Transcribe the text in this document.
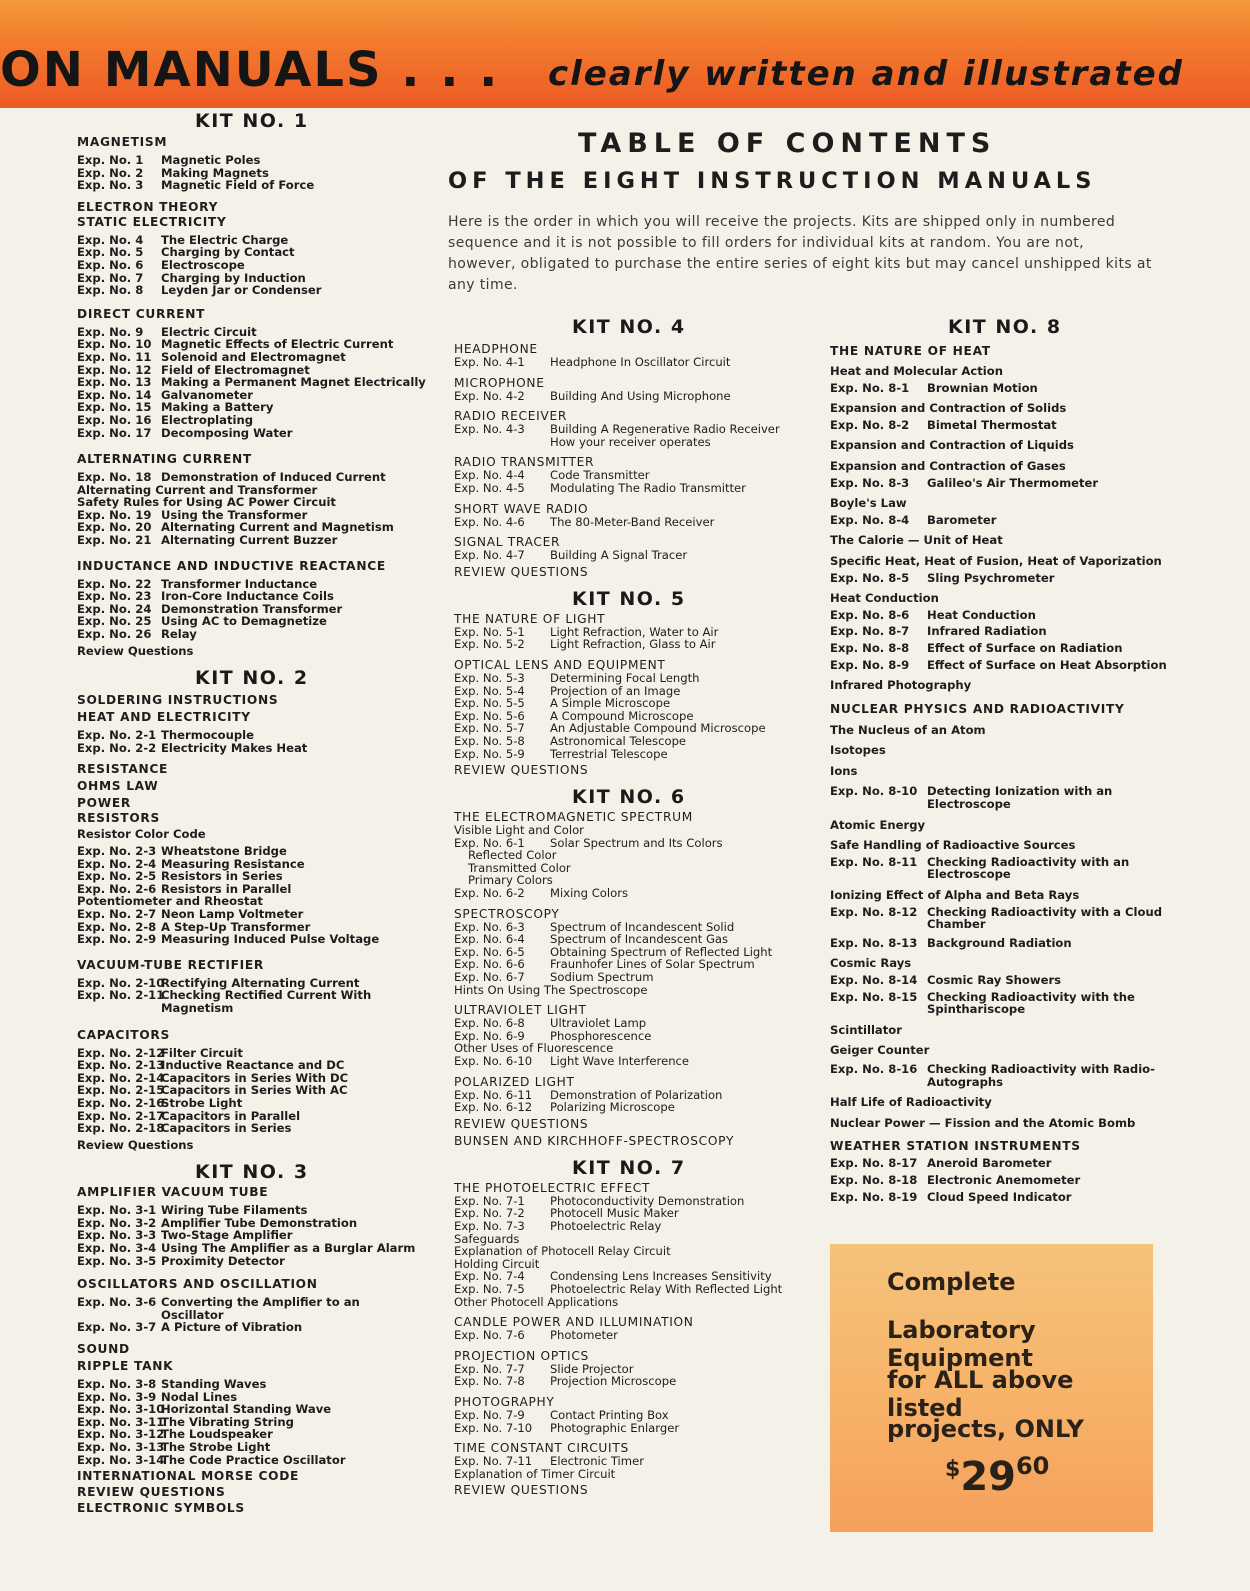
ON MANUALS . . . clearly written and illustrated

KIT NO. 1

MAGNETISM

Exp. No. 1 Magnetic Poles

Exp. No. 2 Making Magnets

Exp. No. 3 Magnetic Field of Force

ELECTRON THEORY

STATIC ELECTRICITY

Exp. No. 4 The Electric Charge

Exp. No. 5 Charging by Contact

Exp. No. 6 Electroscope

Exp. No. 7 Charging by Induction

Exp. No. 8 Leyden Jar or Condenser

DIRECT CURRENT

Exp. No. 9 Electric Circuit

Exp. No. 10 Magnetic Effects of Electric Current

Exp. No. 11 Solenoid and Electromagnet

Exp. No. 12 Field of Electromagnet

Exp. No. 13 Making a Permanent Magnet Electrically

Exp. No. 14 Galvanometer

Exp. No. 15 Making a Battery

Exp. No. 16 Electroplating

Exp. No. 17 Decomposing Water

ALTERNATING CURRENT

Exp. No. 18 Demonstration of Induced Current

Alternating Current and Transformer

Safety Rules for Using AC Power Circuit

Exp. No. 19 Using the Transformer

Exp. No. 20 Alternating Current and Magnetism

Exp. No. 21 Alternating Current Buzzer

INDUCTANCE AND INDUCTIVE REACTANCE

Exp. No. 22 Transformer Inductance

Exp. No. 23 Iron-Core Inductance Coils

Exp. No. 24 Demonstration Transformer

Exp. No. 25 Using AC to Demagnetize

Exp. No. 26 Relay

Review Questions

KIT NO. 2

SOLDERING INSTRUCTIONS

HEAT AND ELECTRICITY

Exp. No. 2-1 Thermocouple

Exp. No. 2-2 Electricity Makes Heat

RESISTANCE

OHMS LAW

POWER

RESISTORS

Resistor Color Code

Exp. No. 2-3 Wheatstone Bridge

Exp. No. 2-4 Measuring Resistance

Exp. No. 2-5 Resistors in Series

Exp. No. 2-6 Resistors in Parallel

Potentiometer and Rheostat

Exp. No. 2-7 Neon Lamp Voltmeter

Exp. No. 2-8 A Step-Up Transformer

Exp. No. 2-9 Measuring Induced Pulse Voltage

VACUUM-TUBE RECTIFIER

Exp. No. 2-10Rectifying Alternating Current

Exp. No. 2-11Checking Rectified Current With

Magnetism

CAPACITORS

Exp. No. 2-12Filter Circuit

Exp. No. 2-13Inductive Reactance and DC

Exp. No. 2-14Capacitors in Series With DC

Exp. No. 2-15Capacitors in Series With AC

Exp. No. 2-16Strobe Light

Exp. No. 2-17Capacitors in Parallel

Exp. No. 2-18Capacitors in Series

Review Questions

KIT NO. 3

AMPLIFIER VACUUM TUBE

Exp. No. 3-1 Wiring Tube Filaments

Exp. No. 3-2 Amplifier Tube Demonstration

Exp. No. 3-3 Two-Stage Amplifier

Exp. No. 3-4 Using The Amplifier as a Burglar Alarm

Exp. No. 3-5 Proximity Detector

OSCILLATORS AND OSCILLATION

Exp. No. 3-6 Converting the Amplifier to an

Oscillator

Exp. No. 3-7 A Picture of Vibration

SOUND

RIPPLE TANK

Exp. No. 3-8 Standing Waves

Exp. No. 3-9 Nodal Lines

Exp. No. 3-10Horizontal Standing Wave

Exp. No. 3-11The Vibrating String

Exp. No. 3-12The Loudspeaker

Exp. No. 3-13The Strobe Light

Exp. No. 3-14The Code Practice Oscillator

INTERNATIONAL MORSE CODE

REVIEW QUESTIONS

ELECTRONIC SYMBOLS

TABLE OF CONTENTS
OF THE EIGHT INSTRUCTION MANUALS

Here is the order in which you will receive the projects. Kits are shipped only in numbered sequence and it is not possible to fill orders for individual kits at random. You are not, however, obligated to purchase the entire series of eight kits but may cancel unshipped kits at any time.

KIT NO. 4

HEADPHONE

Exp. No. 4-1 Headphone In Oscillator Circuit

MICROPHONE

Exp. No. 4-2 Building And Using Microphone

RADIO RECEIVER

Exp. No. 4-3 Building A Regenerative Radio Receiver

How your receiver operates

RADIO TRANSMITTER

Exp. No. 4-4 Code Transmitter

Exp. No. 4-5 Modulating The Radio Transmitter

SHORT WAVE RADIO

Exp. No. 4-6 The 80-Meter-Band Receiver

SIGNAL TRACER

Exp. No. 4-7 Building A Signal Tracer

REVIEW QUESTIONS

KIT NO. 5

THE NATURE OF LIGHT

Exp. No. 5-1 Light Refraction, Water to Air

Exp. No. 5-2 Light Refraction, Glass to Air

OPTICAL LENS AND EQUIPMENT

Exp. No. 5-3 Determining Focal Length

Exp. No. 5-4 Projection of an Image

Exp. No. 5-5 A Simple Microscope

Exp. No. 5-6 A Compound Microscope

Exp. No. 5-7 An Adjustable Compound Microscope

Exp. No. 5-8 Astronomical Telescope

Exp. No. 5-9 Terrestrial Telescope

REVIEW QUESTIONS

KIT NO. 6

THE ELECTROMAGNETIC SPECTRUM

Visible Light and Color

Exp. No. 6-1 Solar Spectrum and Its Colors

Reflected Color

Transmitted Color

Primary Colors

Exp. No. 6-2 Mixing Colors

SPECTROSCOPY

Exp. No. 6-3 Spectrum of Incandescent Solid

Exp. No. 6-4 Spectrum of Incandescent Gas

Exp. No. 6-5 Obtaining Spectrum of Reflected Light

Exp. No. 6-6 Fraunhofer Lines of Solar Spectrum

Exp. No. 6-7 Sodium Spectrum

Hints On Using The Spectroscope

ULTRAVIOLET LIGHT

Exp. No. 6-8 Ultraviolet Lamp

Exp. No. 6-9 Phosphorescence

Other Uses of Fluorescence

Exp. No. 6-10 Light Wave Interference

POLARIZED LIGHT

Exp. No. 6-11 Demonstration of Polarization

Exp. No. 6-12 Polarizing Microscope

REVIEW QUESTIONS

BUNSEN AND KIRCHHOFF-SPECTROSCOPY

KIT NO. 7

THE PHOTOELECTRIC EFFECT

Exp. No. 7-1 Photoconductivity Demonstration

Exp. No. 7-2 Photocell Music Maker

Exp. No. 7-3 Photoelectric Relay

Safeguards

Explanation of Photocell Relay Circuit

Holding Circuit

Exp. No. 7-4 Condensing Lens Increases Sensitivity

Exp. No. 7-5 Photoelectric Relay With Reflected Light

Other Photocell Applications

CANDLE POWER AND ILLUMINATION

Exp. No. 7-6 Photometer

PROJECTION OPTICS

Exp. No. 7-7 Slide Projector

Exp. No. 7-8 Projection Microscope

PHOTOGRAPHY

Exp. No. 7-9 Contact Printing Box

Exp. No. 7-10 Photographic Enlarger

TIME CONSTANT CIRCUITS

Exp. No. 7-11 Electronic Timer

Explanation of Timer Circuit

REVIEW QUESTIONS

KIT NO. 8

THE NATURE OF HEAT

Heat and Molecular Action

Exp. No. 8-1 Brownian Motion

Expansion and Contraction of Solids

Exp. No. 8-2 Bimetal Thermostat

Expansion and Contraction of Liquids

Expansion and Contraction of Gases

Exp. No. 8-3 Galileo's Air Thermometer

Boyle's Law

Exp. No. 8-4 Barometer

The Calorie — Unit of Heat

Specific Heat, Heat of Fusion, Heat of Vaporization

Exp. No. 8-5 Sling Psychrometer

Heat Conduction

Exp. No. 8-6 Heat Conduction

Exp. No. 8-7 Infrared Radiation

Exp. No. 8-8 Effect of Surface on Radiation

Exp. No. 8-9 Effect of Surface on Heat Absorption

Infrared Photography

NUCLEAR PHYSICS AND RADIOACTIVITY

The Nucleus of an Atom

Isotopes

Ions

Exp. No. 8-10 Detecting Ionization with an

Electroscope

Atomic Energy

Safe Handling of Radioactive Sources

Exp. No. 8-11 Checking Radioactivity with an

Electroscope

Ionizing Effect of Alpha and Beta Rays

Exp. No. 8-12 Checking Radioactivity with a Cloud

Chamber

Exp. No. 8-13 Background Radiation

Cosmic Rays

Exp. No. 8-14 Cosmic Ray Showers

Exp. No. 8-15 Checking Radioactivity with the

Spinthariscope

Scintillator

Geiger Counter

Exp. No. 8-16 Checking Radioactivity with Radio-

Autographs

Half Life of Radioactivity

Nuclear Power — Fission and the Atomic Bomb

WEATHER STATION INSTRUMENTS

Exp. No. 8-17 Aneroid Barometer

Exp. No. 8-18 Electronic Anemometer

Exp. No. 8-19 Cloud Speed Indicator

Complete

Laboratory Equipment

for ALL above listed

projects, ONLY

$^{\$}29^{60}$
